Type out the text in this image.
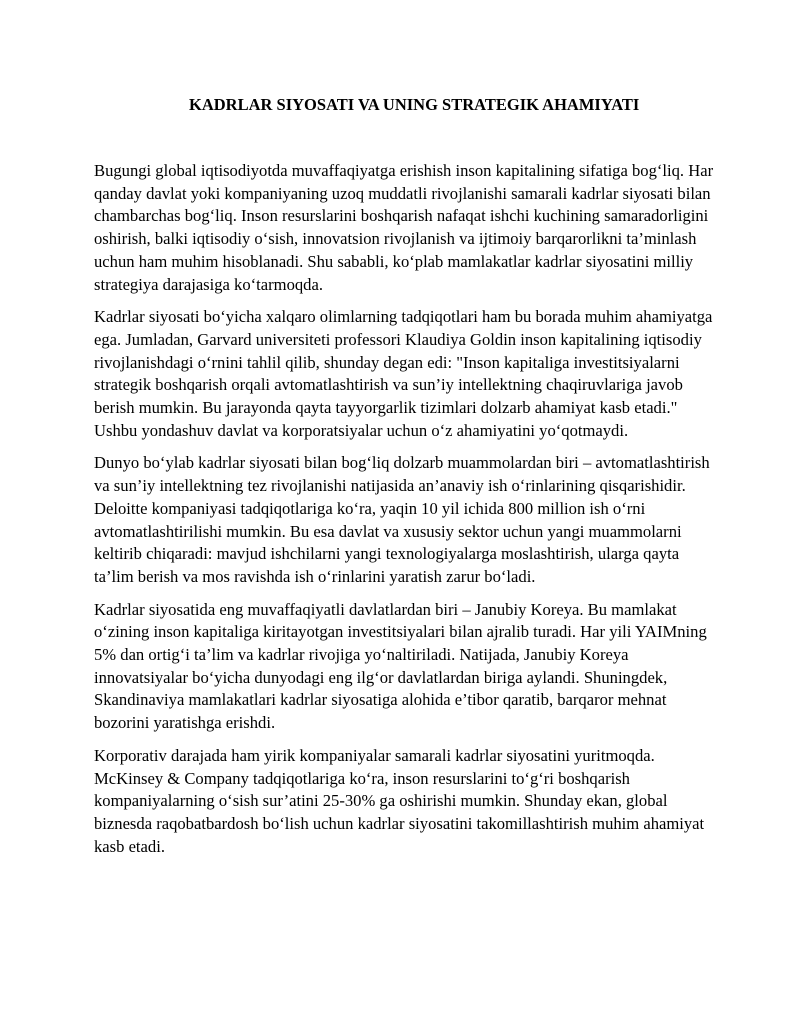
KADRLAR SIYOSATI VA UNING STRATEGIK AHAMIYATI

Bugungi global iqtisodiyotda muvaffaqiyatga erishish inson kapitalining sifatiga bog‘liq. Har qanday davlat yoki kompaniyaning uzoq muddatli rivojlanishi samarali kadrlar siyosati bilan chambarchas bog‘liq. Inson resurslarini boshqarish nafaqat ishchi kuchining samaradorligini oshirish, balki iqtisodiy o‘sish, innovatsion rivojlanish va ijtimoiy barqarorlikni ta’minlash uchun ham muhim hisoblanadi. Shu sababli, ko‘plab mamlakatlar kadrlar siyosatini milliy strategiya darajasiga ko‘tarmoqda.

Kadrlar siyosati bo‘yicha xalqaro olimlarning tadqiqotlari ham bu borada muhim ahamiyatga ega. Jumladan, Garvard universiteti professori Klaudiya Goldin inson kapitalining iqtisodiy rivojlanishdagi o‘rnini tahlil qilib, shunday degan edi: "Inson kapitaliga investitsiyalarni strategik boshqarish orqali avtomatlashtirish va sun’iy intellektning chaqiruvlariga javob berish mumkin. Bu jarayonda qayta tayyorgarlik tizimlari dolzarb ahamiyat kasb etadi." Ushbu yondashuv davlat va korporatsiyalar uchun o‘z ahamiyatini yo‘qotmaydi.

Dunyo bo‘ylab kadrlar siyosati bilan bog‘liq dolzarb muammolardan biri – avtomatlashtirish va sun’iy intellektning tez rivojlanishi natijasida an’anaviy ish o‘rinlarining qisqarishidir. Deloitte kompaniyasi tadqiqotlariga ko‘ra, yaqin 10 yil ichida 800 million ish o‘rni avtomatlashtirilishi mumkin. Bu esa davlat va xususiy sektor uchun yangi muammolarni keltirib chiqaradi: mavjud ishchilarni yangi texnologiyalarga moslashtirish, ularga qayta ta’lim berish va mos ravishda ish o‘rinlarini yaratish zarur bo‘ladi.

Kadrlar siyosatida eng muvaffaqiyatli davlatlardan biri – Janubiy Koreya. Bu mamlakat o‘zining inson kapitaliga kiritayotgan investitsiyalari bilan ajralib turadi. Har yili YAIMning 5% dan ortig‘i ta’lim va kadrlar rivojiga yo‘naltiriladi. Natijada, Janubiy Koreya innovatsiyalar bo‘yicha dunyodagi eng ilg‘or davlatlardan biriga aylandi. Shuningdek, Skandinaviya mamlakatlari kadrlar siyosatiga alohida e’tibor qaratib, barqaror mehnat bozorini yaratishga erishdi.

Korporativ darajada ham yirik kompaniyalar samarali kadrlar siyosatini yuritmoqda. McKinsey & Company tadqiqotlariga ko‘ra, inson resurslarini to‘g‘ri boshqarish kompaniyalarning o‘sish sur’atini 25-30% ga oshirishi mumkin. Shunday ekan, global biznesda raqobatbardosh bo‘lish uchun kadrlar siyosatini takomillashtirish muhim ahamiyat kasb etadi.
